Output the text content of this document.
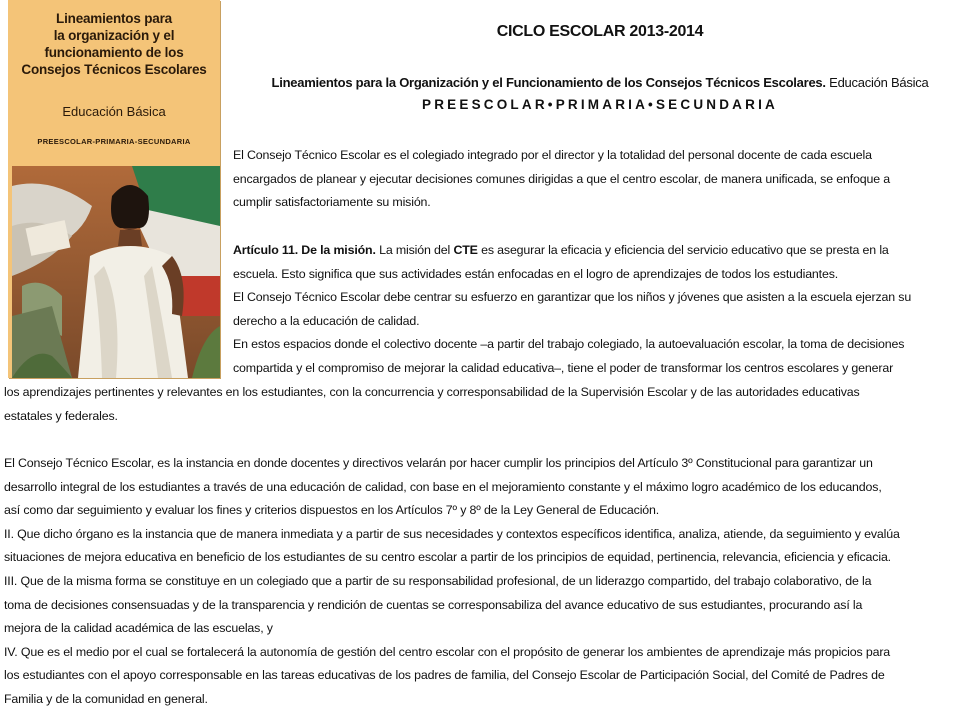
Lineamientos para
la organización y el
funcionamiento de los
Consejos Técnicos Escolares
Educación Básica
PREESCOLAR-PRIMARIA-SECUNDARIA
CICLO ESCOLAR 2013-2014
Lineamientos para la Organización y el Funcionamiento de los Consejos Técnicos Escolares. Educación Básica
PREESCOLAR•PRIMARIA•SECUNDARIA
El Consejo Técnico Escolar es el colegiado integrado por el director y la totalidad del personal docente de cada escuela
encargados de planear y ejecutar decisiones comunes dirigidas a que el centro escolar, de manera unificada, se enfoque a
cumplir satisfactoriamente su misión.
Artículo 11. De la misión. La misión del CTE es asegurar la eficacia y eficiencia del servicio educativo que se presta en la
escuela. Esto significa que sus actividades están enfocadas en el logro de aprendizajes de todos los estudiantes.
El Consejo Técnico Escolar debe centrar su esfuerzo en garantizar que los niños y jóvenes que asisten a la escuela ejerzan su
derecho a la educación de calidad.
En estos espacios donde el colectivo docente –a partir del trabajo colegiado, la autoevaluación escolar, la toma de decisiones
compartida y el compromiso de mejorar la calidad educativa–, tiene el poder de transformar los centros escolares y generar
los aprendizajes pertinentes y relevantes en los estudiantes, con la concurrencia y corresponsabilidad de la Supervisión Escolar y de las autoridades educativas
estatales y federales.
El Consejo Técnico Escolar, es la instancia en donde docentes y directivos velarán por hacer cumplir los principios del Artículo 3º Constitucional para garantizar un
desarrollo integral de los estudiantes a través de una educación de calidad, con base en el mejoramiento constante y el máximo logro académico de los educandos,
así como dar seguimiento y evaluar los fines y criterios dispuestos en los Artículos 7º y 8º de la Ley General de Educación.
II. Que dicho órgano es la instancia que de manera inmediata y a partir de sus necesidades y contextos específicos identifica, analiza, atiende, da seguimiento y evalúa
situaciones de mejora educativa en beneficio de los estudiantes de su centro escolar a partir de los principios de equidad, pertinencia, relevancia, eficiencia y eficacia.
III. Que de la misma forma se constituye en un colegiado que a partir de su responsabilidad profesional, de un liderazgo compartido, del trabajo colaborativo, de la
toma de decisiones consensuadas y de la transparencia y rendición de cuentas se corresponsabiliza del avance educativo de sus estudiantes, procurando así la
mejora de la calidad académica de las escuelas, y
IV. Que es el medio por el cual se fortalecerá la autonomía de gestión del centro escolar con el propósito de generar los ambientes de aprendizaje más propicios para
los estudiantes con el apoyo corresponsable en las tareas educativas de los padres de familia, del Consejo Escolar de Participación Social, del Comité de Padres de
Familia y de la comunidad en general.
